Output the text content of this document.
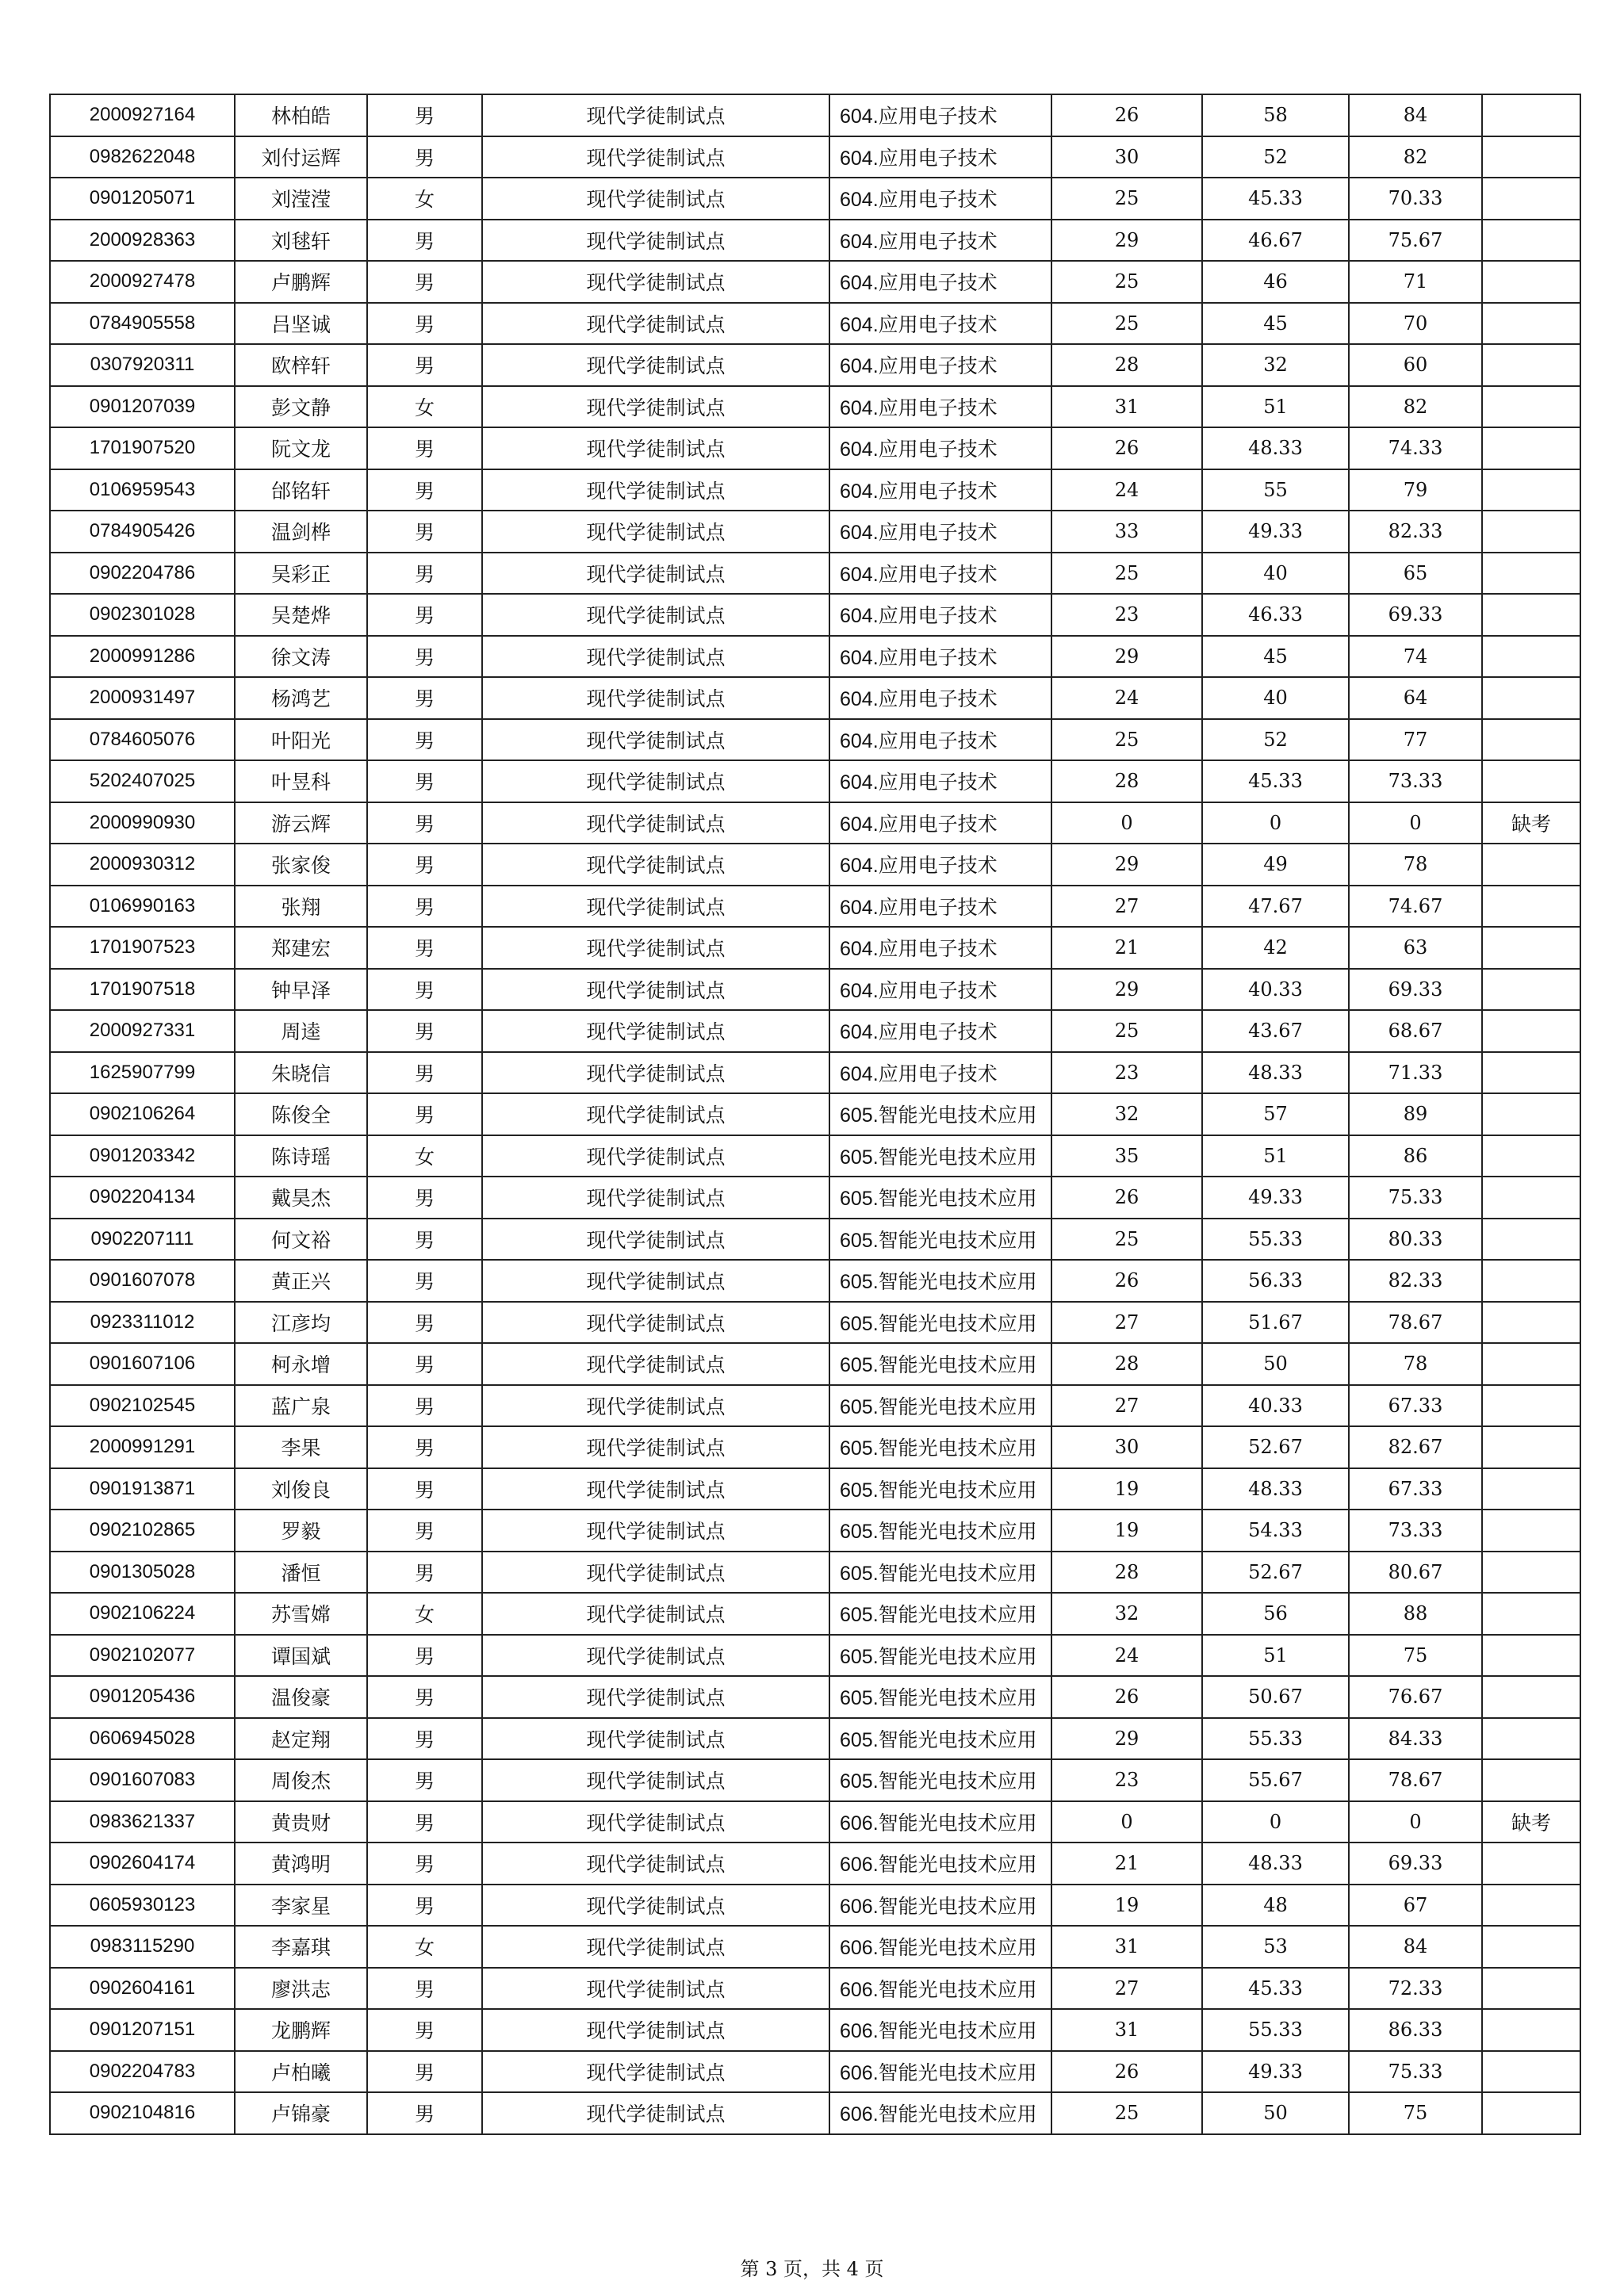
2000927164	林柏皓	男	现代学徒制试点	604.应用电子技术	26	58	84	
0982622048	刘付运辉	男	现代学徒制试点	604.应用电子技术	30	52	82	
0901205071	刘滢滢	女	现代学徒制试点	604.应用电子技术	25	45.33	70.33	
2000928363	刘毬轩	男	现代学徒制试点	604.应用电子技术	29	46.67	75.67	
2000927478	卢鹏辉	男	现代学徒制试点	604.应用电子技术	25	46	71	
0784905558	吕坚诚	男	现代学徒制试点	604.应用电子技术	25	45	70	
0307920311	欧梓轩	男	现代学徒制试点	604.应用电子技术	28	32	60	
0901207039	彭文静	女	现代学徒制试点	604.应用电子技术	31	51	82	
1701907520	阮文龙	男	现代学徒制试点	604.应用电子技术	26	48.33	74.33	
0106959543	邰铭轩	男	现代学徒制试点	604.应用电子技术	24	55	79	
0784905426	温剑桦	男	现代学徒制试点	604.应用电子技术	33	49.33	82.33	
0902204786	吴彩正	男	现代学徒制试点	604.应用电子技术	25	40	65	
0902301028	吴楚烨	男	现代学徒制试点	604.应用电子技术	23	46.33	69.33	
2000991286	徐文涛	男	现代学徒制试点	604.应用电子技术	29	45	74	
2000931497	杨鸿艺	男	现代学徒制试点	604.应用电子技术	24	40	64	
0784605076	叶阳光	男	现代学徒制试点	604.应用电子技术	25	52	77	
5202407025	叶昱科	男	现代学徒制试点	604.应用电子技术	28	45.33	73.33	
2000990930	游云辉	男	现代学徒制试点	604.应用电子技术	0	0	0	缺考
2000930312	张家俊	男	现代学徒制试点	604.应用电子技术	29	49	78	
0106990163	张翔	男	现代学徒制试点	604.应用电子技术	27	47.67	74.67	
1701907523	郑建宏	男	现代学徒制试点	604.应用电子技术	21	42	63	
1701907518	钟早泽	男	现代学徒制试点	604.应用电子技术	29	40.33	69.33	
2000927331	周逵	男	现代学徒制试点	604.应用电子技术	25	43.67	68.67	
1625907799	朱晓信	男	现代学徒制试点	604.应用电子技术	23	48.33	71.33	
0902106264	陈俊全	男	现代学徒制试点	605.智能光电技术应用	32	57	89	
0901203342	陈诗瑶	女	现代学徒制试点	605.智能光电技术应用	35	51	86	
0902204134	戴昊杰	男	现代学徒制试点	605.智能光电技术应用	26	49.33	75.33	
0902207111	何文裕	男	现代学徒制试点	605.智能光电技术应用	25	55.33	80.33	
0901607078	黄正兴	男	现代学徒制试点	605.智能光电技术应用	26	56.33	82.33	
0923311012	江彦均	男	现代学徒制试点	605.智能光电技术应用	27	51.67	78.67	
0901607106	柯永增	男	现代学徒制试点	605.智能光电技术应用	28	50	78	
0902102545	蓝广泉	男	现代学徒制试点	605.智能光电技术应用	27	40.33	67.33	
2000991291	李果	男	现代学徒制试点	605.智能光电技术应用	30	52.67	82.67	
0901913871	刘俊良	男	现代学徒制试点	605.智能光电技术应用	19	48.33	67.33	
0902102865	罗毅	男	现代学徒制试点	605.智能光电技术应用	19	54.33	73.33	
0901305028	潘恒	男	现代学徒制试点	605.智能光电技术应用	28	52.67	80.67	
0902106224	苏雪嫦	女	现代学徒制试点	605.智能光电技术应用	32	56	88	
0902102077	谭国斌	男	现代学徒制试点	605.智能光电技术应用	24	51	75	
0901205436	温俊豪	男	现代学徒制试点	605.智能光电技术应用	26	50.67	76.67	
0606945028	赵定翔	男	现代学徒制试点	605.智能光电技术应用	29	55.33	84.33	
0901607083	周俊杰	男	现代学徒制试点	605.智能光电技术应用	23	55.67	78.67	
0983621337	黄贵财	男	现代学徒制试点	606.智能光电技术应用	0	0	0	缺考
0902604174	黄鸿明	男	现代学徒制试点	606.智能光电技术应用	21	48.33	69.33	
0605930123	李家星	男	现代学徒制试点	606.智能光电技术应用	19	48	67	
0983115290	李嘉琪	女	现代学徒制试点	606.智能光电技术应用	31	53	84	
0902604161	廖洪志	男	现代学徒制试点	606.智能光电技术应用	27	45.33	72.33	
0901207151	龙鹏辉	男	现代学徒制试点	606.智能光电技术应用	31	55.33	86.33	
0902204783	卢柏曦	男	现代学徒制试点	606.智能光电技术应用	26	49.33	75.33	
0902104816	卢锦豪	男	现代学徒制试点	606.智能光电技术应用	25	50	75	
第 3 页，共 4 页
